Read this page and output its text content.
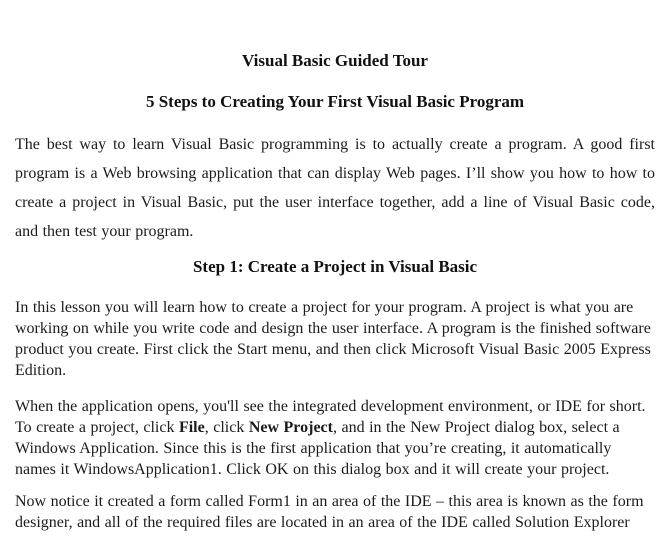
Visual Basic Guided Tour
5 Steps to Creating Your First Visual Basic Program

The best way to learn Visual Basic programming is to actually create a program. A good first program is a Web browsing application that can display Web pages. I’ll show you how to how to create a project in Visual Basic, put the user interface together, add a line of Visual Basic code, and then test your program.

Step 1: Create a Project in Visual Basic

In this lesson you will learn how to create a project for your program. A project is what you are working on while you write code and design the user interface. A program is the finished software product you create. First click the Start menu, and then click Microsoft Visual Basic 2005 Express Edition.

When the application opens, you'll see the integrated development environment, or IDE for short. To create a project, click File, click New Project, and in the New Project dialog box, select a Windows Application. Since this is the first application that you’re creating, it automatically names it WindowsApplication1. Click OK on this dialog box and it will create your project.

Now notice it created a form called Form1 in an area of the IDE – this area is known as the form designer, and all of the required files are located in an area of the IDE called Solution Explorer
